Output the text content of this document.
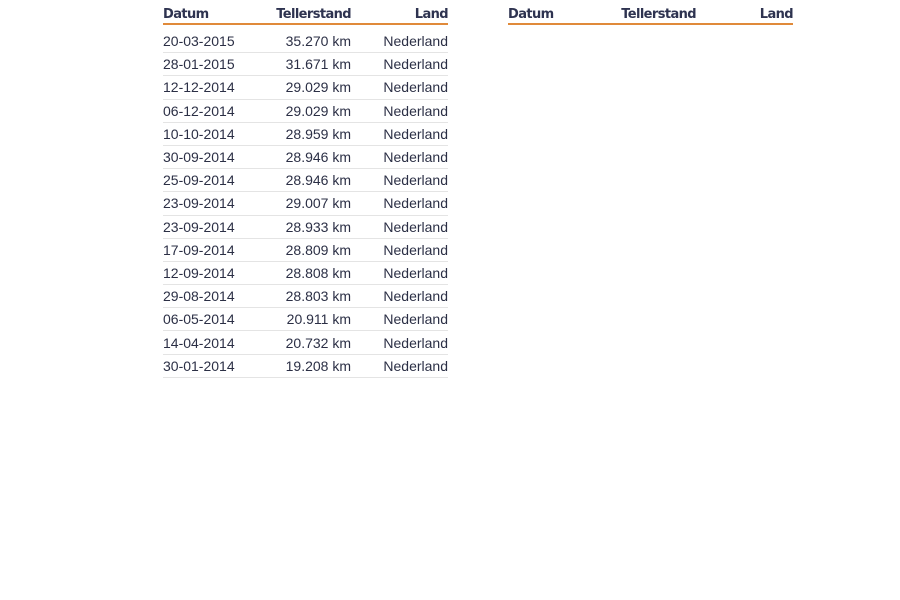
Datum	Tellerstand	Land
20-03-2015	35.270 km	Nederland
28-01-2015	31.671 km	Nederland
12-12-2014	29.029 km	Nederland
06-12-2014	29.029 km	Nederland
10-10-2014	28.959 km	Nederland
30-09-2014	28.946 km	Nederland
25-09-2014	28.946 km	Nederland
23-09-2014	29.007 km	Nederland
23-09-2014	28.933 km	Nederland
17-09-2014	28.809 km	Nederland
12-09-2014	28.808 km	Nederland
29-08-2014	28.803 km	Nederland
06-05-2014	20.911 km	Nederland
14-04-2014	20.732 km	Nederland
30-01-2014	19.208 km	Nederland
Datum	Tellerstand	Land
